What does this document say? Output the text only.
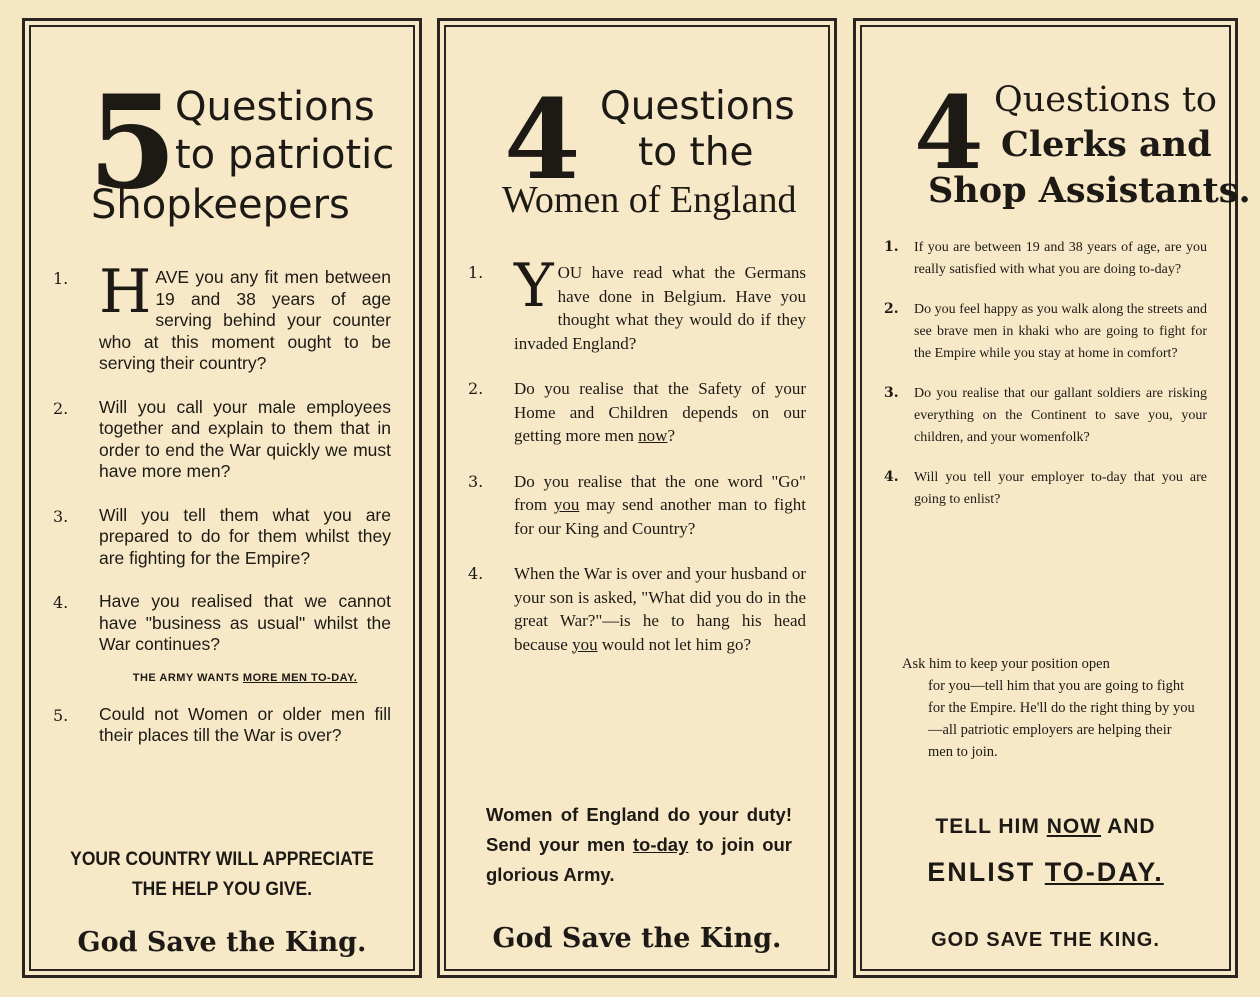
5
Questions
to patriotic
Shopkeepers
1. HAVE you any fit men between 19 and 38 years of age serving behind your counter who at this moment ought to be serving their country?
2.	Will you call your male employees together and explain to them that in order to end the War quickly we must have more men?
3.	Will you tell them what you are prepared to do for them whilst they are fighting for the Empire?
4.	Have you realised that we cannot have "business as usual" whilst the War continues?
THE ARMY WANTS MORE MEN TO-DAY.
5.	Could not Women or older men fill their places till the War is over?
YOUR COUNTRY WILL APPRECIATE
THE HELP YOU GIVE.
God Save the King.
4 Questions
to the
Women of England
1. YOU have read what the Germans have done in Belgium. Have you thought what they would do if they invaded England?
2.	Do you realise that the Safety of your Home and Children depends on our getting more men now?
3.	Do you realise that the one word "Go" from you may send another man to fight for our King and Country?
4.	When the War is over and your husband or your son is asked, "What did you do in the great War?"—is he to hang his head because you would not let him go?
Women of England do your duty! Send your men to-day to join our glorious Army.
God Save the King.
4 Questions to
Clerks and
Shop Assistants.
1.	If you are between 19 and 38 years of age, are you really satisfied with what you are doing to-day?
2.	Do you feel happy as you walk along the streets and see brave men in khaki who are going to fight for the Empire while you stay at home in comfort?
3.	Do you realise that our gallant soldiers are risking everything on the Continent to save you, your children, and your womenfolk?
4.	Will you tell your employer to-day that you are going to enlist?
Ask him to keep your position open
for you—tell him that you are going to fight for the Empire. He'll do the right thing by you—all patriotic employers are helping their men to join.
TELL HIM NOW AND
ENLIST TO-DAY.
GOD SAVE THE KING.
